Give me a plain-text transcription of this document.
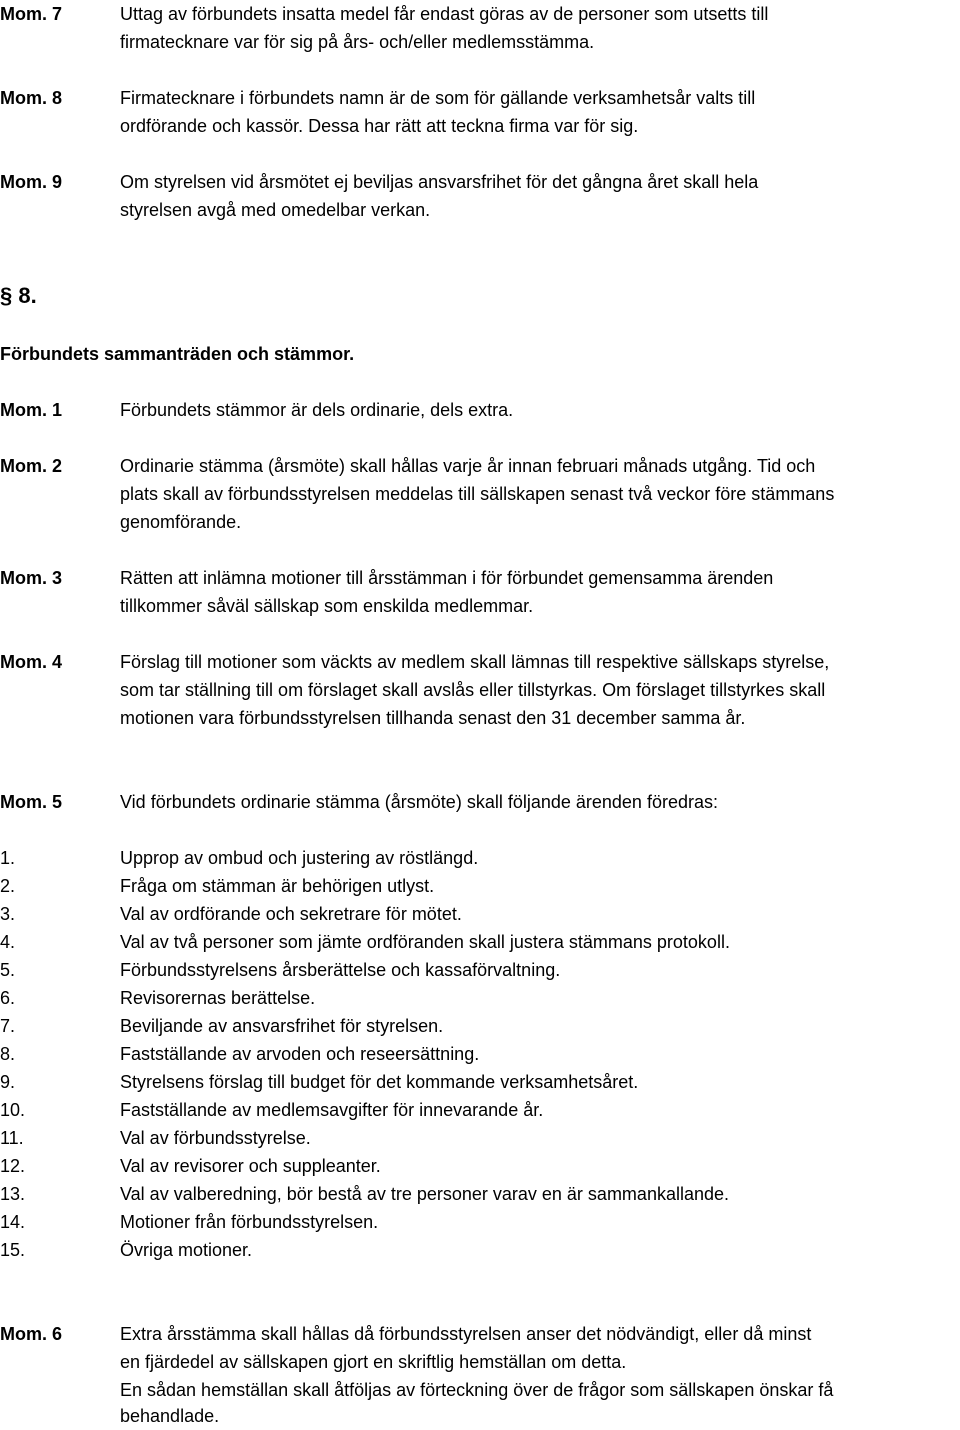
Mom. 7	Uttag av förbundets insatta medel får endast göras av de personer som utsetts till
firmatecknare var för sig på års- och/eller medlemsstämma.
Mom. 8	Firmatecknare i förbundets namn är de som för gällande verksamhetsår valts till
ordförande och kassör. Dessa har rätt att teckna firma var för sig.
Mom. 9	Om styrelsen vid årsmötet ej beviljas ansvarsfrihet för det gångna året skall hela
styrelsen avgå med omedelbar verkan.
§ 8.
Förbundets sammanträden och stämmor.
Mom. 1	Förbundets stämmor är dels ordinarie, dels extra.
Mom. 2	Ordinarie stämma (årsmöte) skall hållas varje år innan februari månads utgång. Tid och
plats skall av förbundsstyrelsen meddelas till sällskapen senast två veckor före stämmans
genomförande.
Mom. 3	Rätten att inlämna motioner till årsstämman i för förbundet gemensamma ärenden
tillkommer såväl sällskap som enskilda medlemmar.
Mom. 4	Förslag till motioner som väckts av medlem skall lämnas till respektive sällskaps styrelse,
som tar ställning till om förslaget skall avslås eller tillstyrkas. Om förslaget tillstyrkes skall
motionen vara förbundsstyrelsen tillhanda senast den 31 december samma år.
Mom. 5	Vid förbundets ordinarie stämma (årsmöte) skall följande ärenden föredras:
1.	Upprop av ombud och justering av röstlängd.
2.	Fråga om stämman är behörigen utlyst.
3.	Val av ordförande och sekretrare för mötet.
4.	Val av två personer som jämte ordföranden skall justera stämmans protokoll.
5.	Förbundsstyrelsens årsberättelse och kassaförvaltning.
6.	Revisorernas berättelse.
7.	Beviljande av ansvarsfrihet för styrelsen.
8.	Fastställande av arvoden och reseersättning.
9.	Styrelsens förslag till budget för det kommande verksamhetsåret.
10.	Fastställande av medlemsavgifter för innevarande år.
11.	Val av förbundsstyrelse.
12.	Val av revisorer och suppleanter.
13.	Val av valberedning, bör bestå av tre personer varav en är sammankallande.
14.	Motioner från förbundsstyrelsen.
15.	Övriga motioner.
Mom. 6	Extra årsstämma skall hållas då förbundsstyrelsen anser det nödvändigt, eller då minst
en fjärdedel av sällskapen gjort en skriftlig hemställan om detta.
En sådan hemställan skall åtföljas av förteckning över de frågor som sällskapen önskar få
behandlade.
